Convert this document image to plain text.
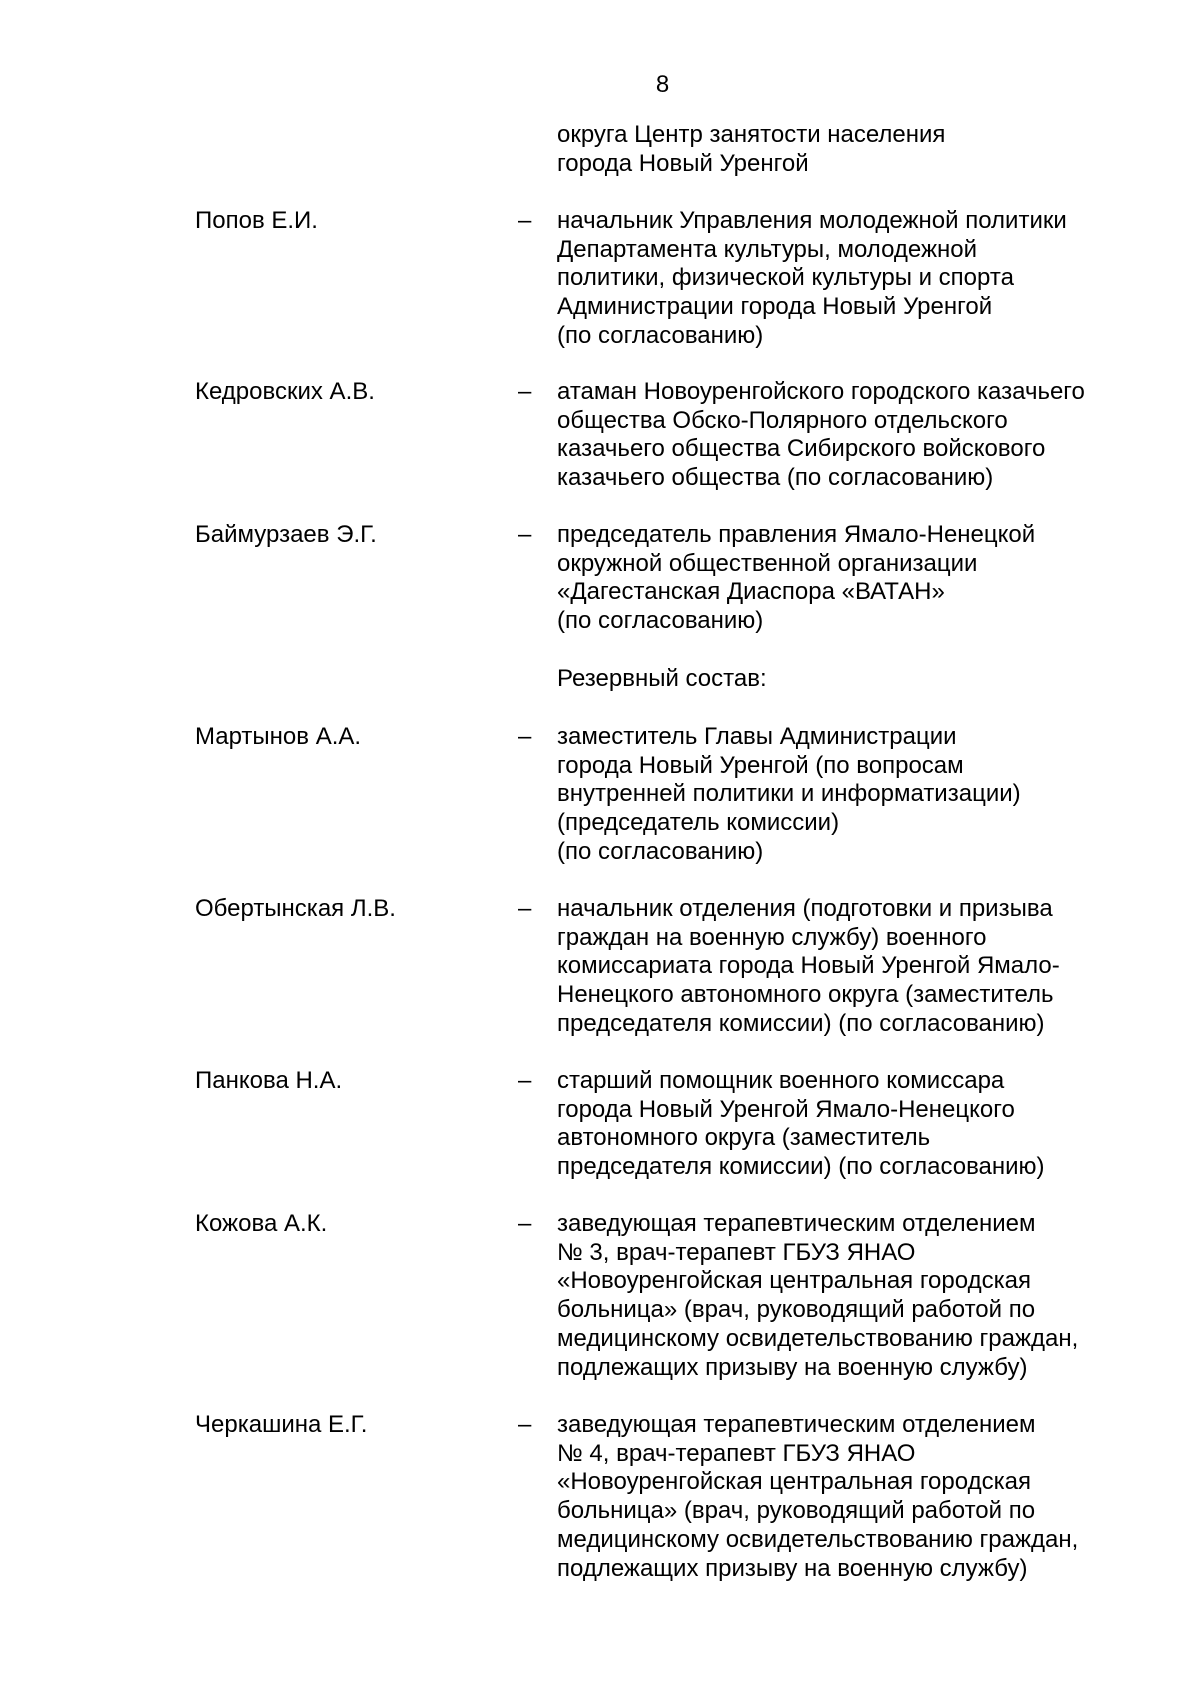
8
округа Центр занятости населения
города Новый Уренгой
Попов Е.И.	– начальник Управления молодежной политики
Департамента культуры, молодежной
политики, физической культуры и спорта
Администрации города Новый Уренгой
(по согласованию)
Кедровских А.В.	– атаман Новоуренгойского городского казачьего
общества Обско-Полярного отдельского
казачьего общества Сибирского войскового
казачьего общества (по согласованию)
Баймурзаев Э.Г.	– председатель правления Ямало-Ненецкой
окружной общественной организации
«Дагестанская Диаспора «ВАТАН»
(по согласованию)
Резервный состав:
Мартынов А.А.	– заместитель Главы Администрации
города Новый Уренгой (по вопросам
внутренней политики и информатизации)
(председатель комиссии)
(по согласованию)
Обертынская Л.В.	– начальник отделения (подготовки и призыва
граждан на военную службу) военного
комиссариата города Новый Уренгой Ямало-
Ненецкого автономного округа (заместитель
председателя комиссии) (по согласованию)
Панкова Н.А.	– старший помощник военного комиссара
города Новый Уренгой Ямало-Ненецкого
автономного округа (заместитель
председателя комиссии) (по согласованию)
Кожова А.К.	– заведующая терапевтическим отделением
№ 3, врач-терапевт ГБУЗ ЯНАО
«Новоуренгойская центральная городская
больница» (врач, руководящий работой по
медицинскому освидетельствованию граждан,
подлежащих призыву на военную службу)
Черкашина Е.Г.	– заведующая терапевтическим отделением
№ 4, врач-терапевт ГБУЗ ЯНАО
«Новоуренгойская центральная городская
больница» (врач, руководящий работой по
медицинскому освидетельствованию граждан,
подлежащих призыву на военную службу)
